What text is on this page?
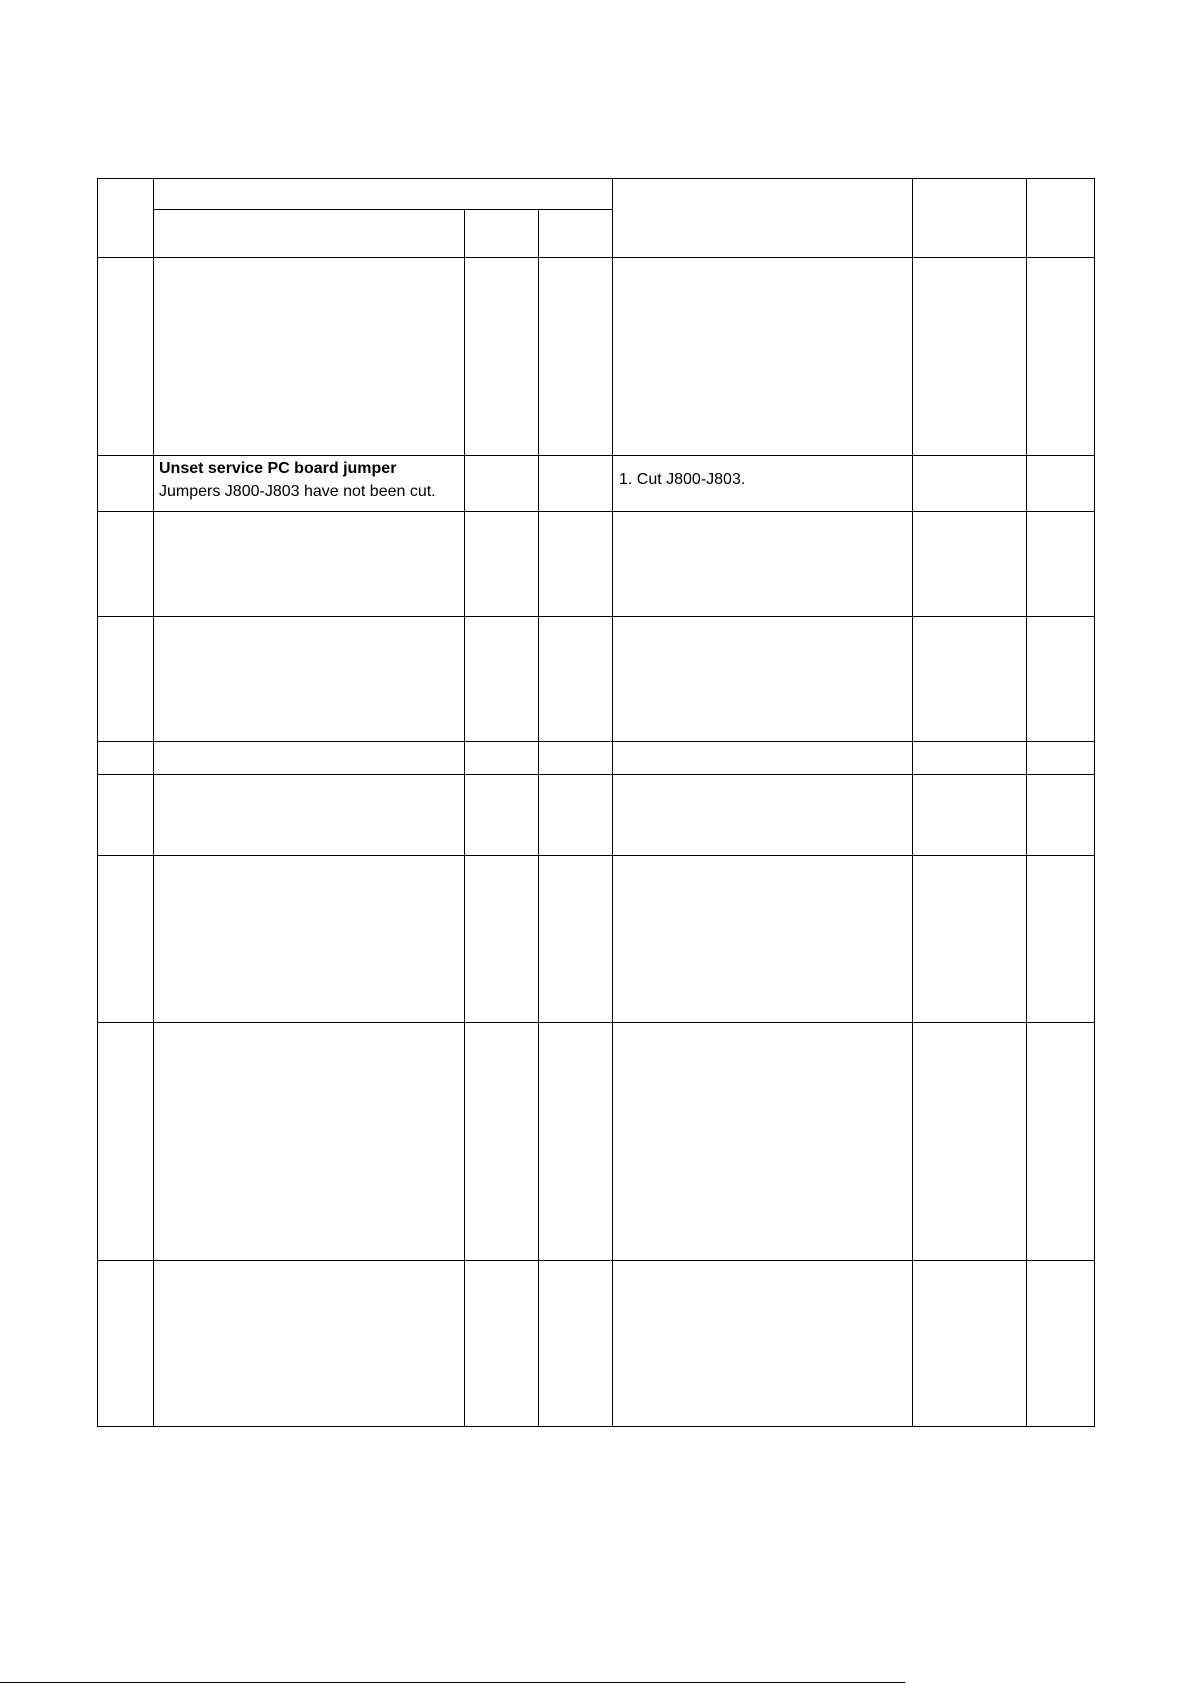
Unset service PC board jumper
Jumpers J800-J803 have not been cut.
1. Cut J800-J803.
